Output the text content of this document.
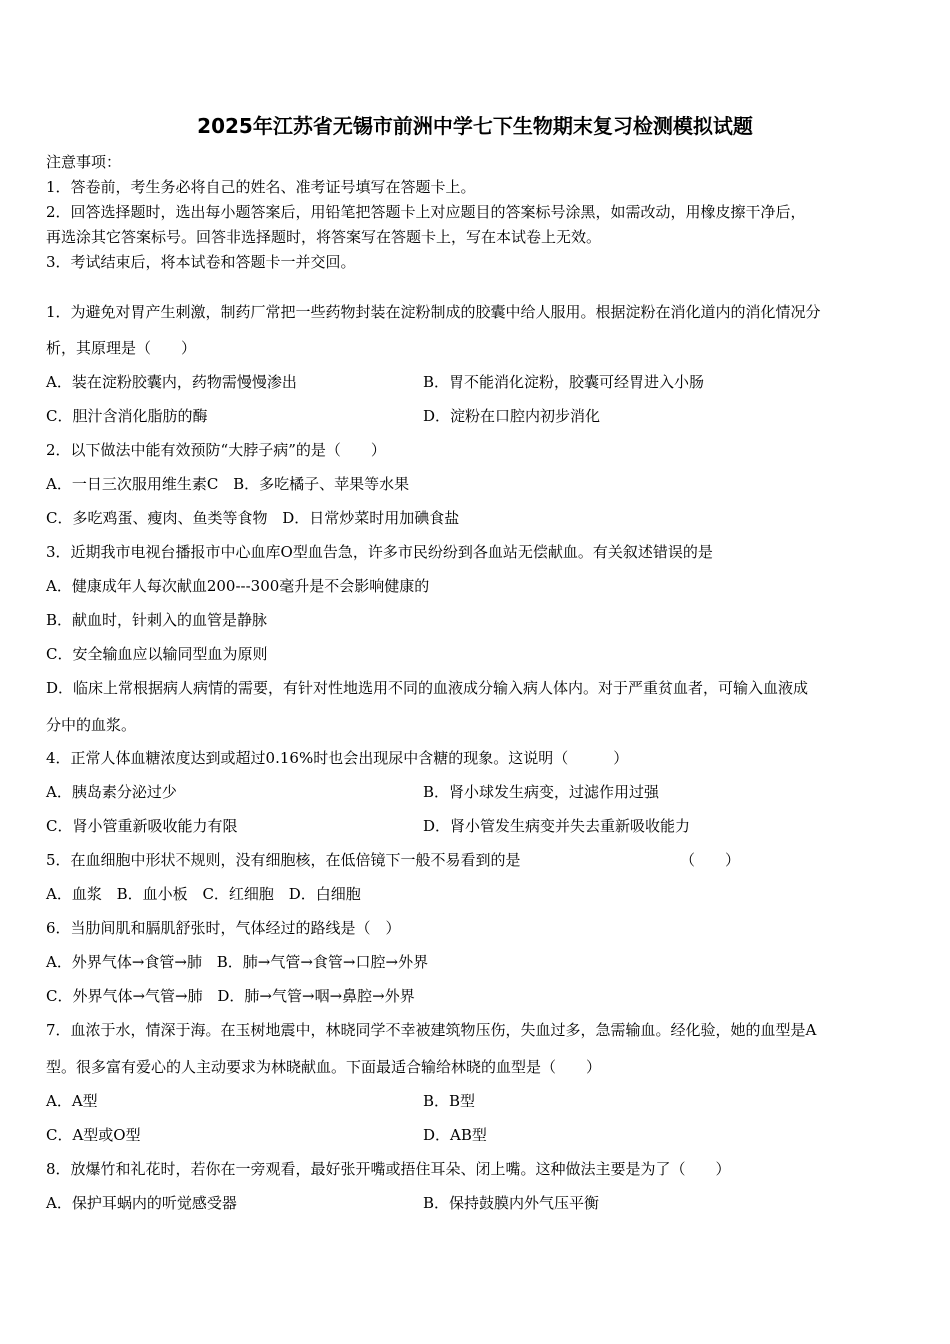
2025年江苏省无锡市前洲中学七下生物期末复习检测模拟试题
注意事项：
1．答卷前，考生务必将自己的姓名、准考证号填写在答题卡上。
2．回答选择题时，选出每小题答案后，用铅笔把答题卡上对应题目的答案标号涂黑，如需改动，用橡皮擦干净后，
再选涂其它答案标号。回答非选择题时，将答案写在答题卡上，写在本试卷上无效。
3．考试结束后，将本试卷和答题卡一并交回。
1．为避免对胃产生刺激，制药厂常把一些药物封装在淀粉制成的胶囊中给人服用。根据淀粉在消化道内的消化情况分
析，其原理是（　　）
A．装在淀粉胶囊内，药物需慢慢渗出	B．胃不能消化淀粉，胶囊可经胃进入小肠
C．胆汁含消化脂肪的酶	D．淀粉在口腔内初步消化
2．以下做法中能有效预防“大脖子病”的是（　　）
A．一日三次服用维生素C B．多吃橘子、苹果等水果
C．多吃鸡蛋、瘦肉、鱼类等食物 D．日常炒菜时用加碘食盐
3．近期我市电视台播报市中心血库O型血告急，许多市民纷纷到各血站无偿献血。有关叙述错误的是
A．健康成年人每次献血200---300毫升是不会影响健康的
B．献血时，针刺入的血管是静脉
C．安全输血应以输同型血为原则
D．临床上常根据病人病情的需要，有针对性地选用不同的血液成分输入病人体内。对于严重贫血者，可输入血液成
分中的血浆。
4．正常人体血糖浓度达到或超过0.16%时也会出现尿中含糖的现象。这说明（　　　）
A．胰岛素分泌过少	B．肾小球发生病变，过滤作用过强
C．肾小管重新吸收能力有限	D．肾小管发生病变并失去重新吸收能力
5．在血细胞中形状不规则，没有细胞核，在低倍镜下一般不易看到的是	（　　）
A．血浆 B．血小板 C．红细胞 D．白细胞
6．当肋间肌和膈肌舒张时，气体经过的路线是（　）
A．外界气体→食管→肺 B．肺→气管→食管→口腔→外界
C．外界气体→气管→肺 D．肺→气管→咽→鼻腔→外界
7．血浓于水，情深于海。在玉树地震中，林晓同学不幸被建筑物压伤，失血过多，急需输血。经化验，她的血型是A
型。很多富有爱心的人主动要求为林晓献血。下面最适合输给林晓的血型是（　　）
A．A型	B．B型
C．A型或O型	D．AB型
8．放爆竹和礼花时，若你在一旁观看，最好张开嘴或捂住耳朵、闭上嘴。这种做法主要是为了（　　）
A．保护耳蜗内的听觉感受器	B．保持鼓膜内外气压平衡
